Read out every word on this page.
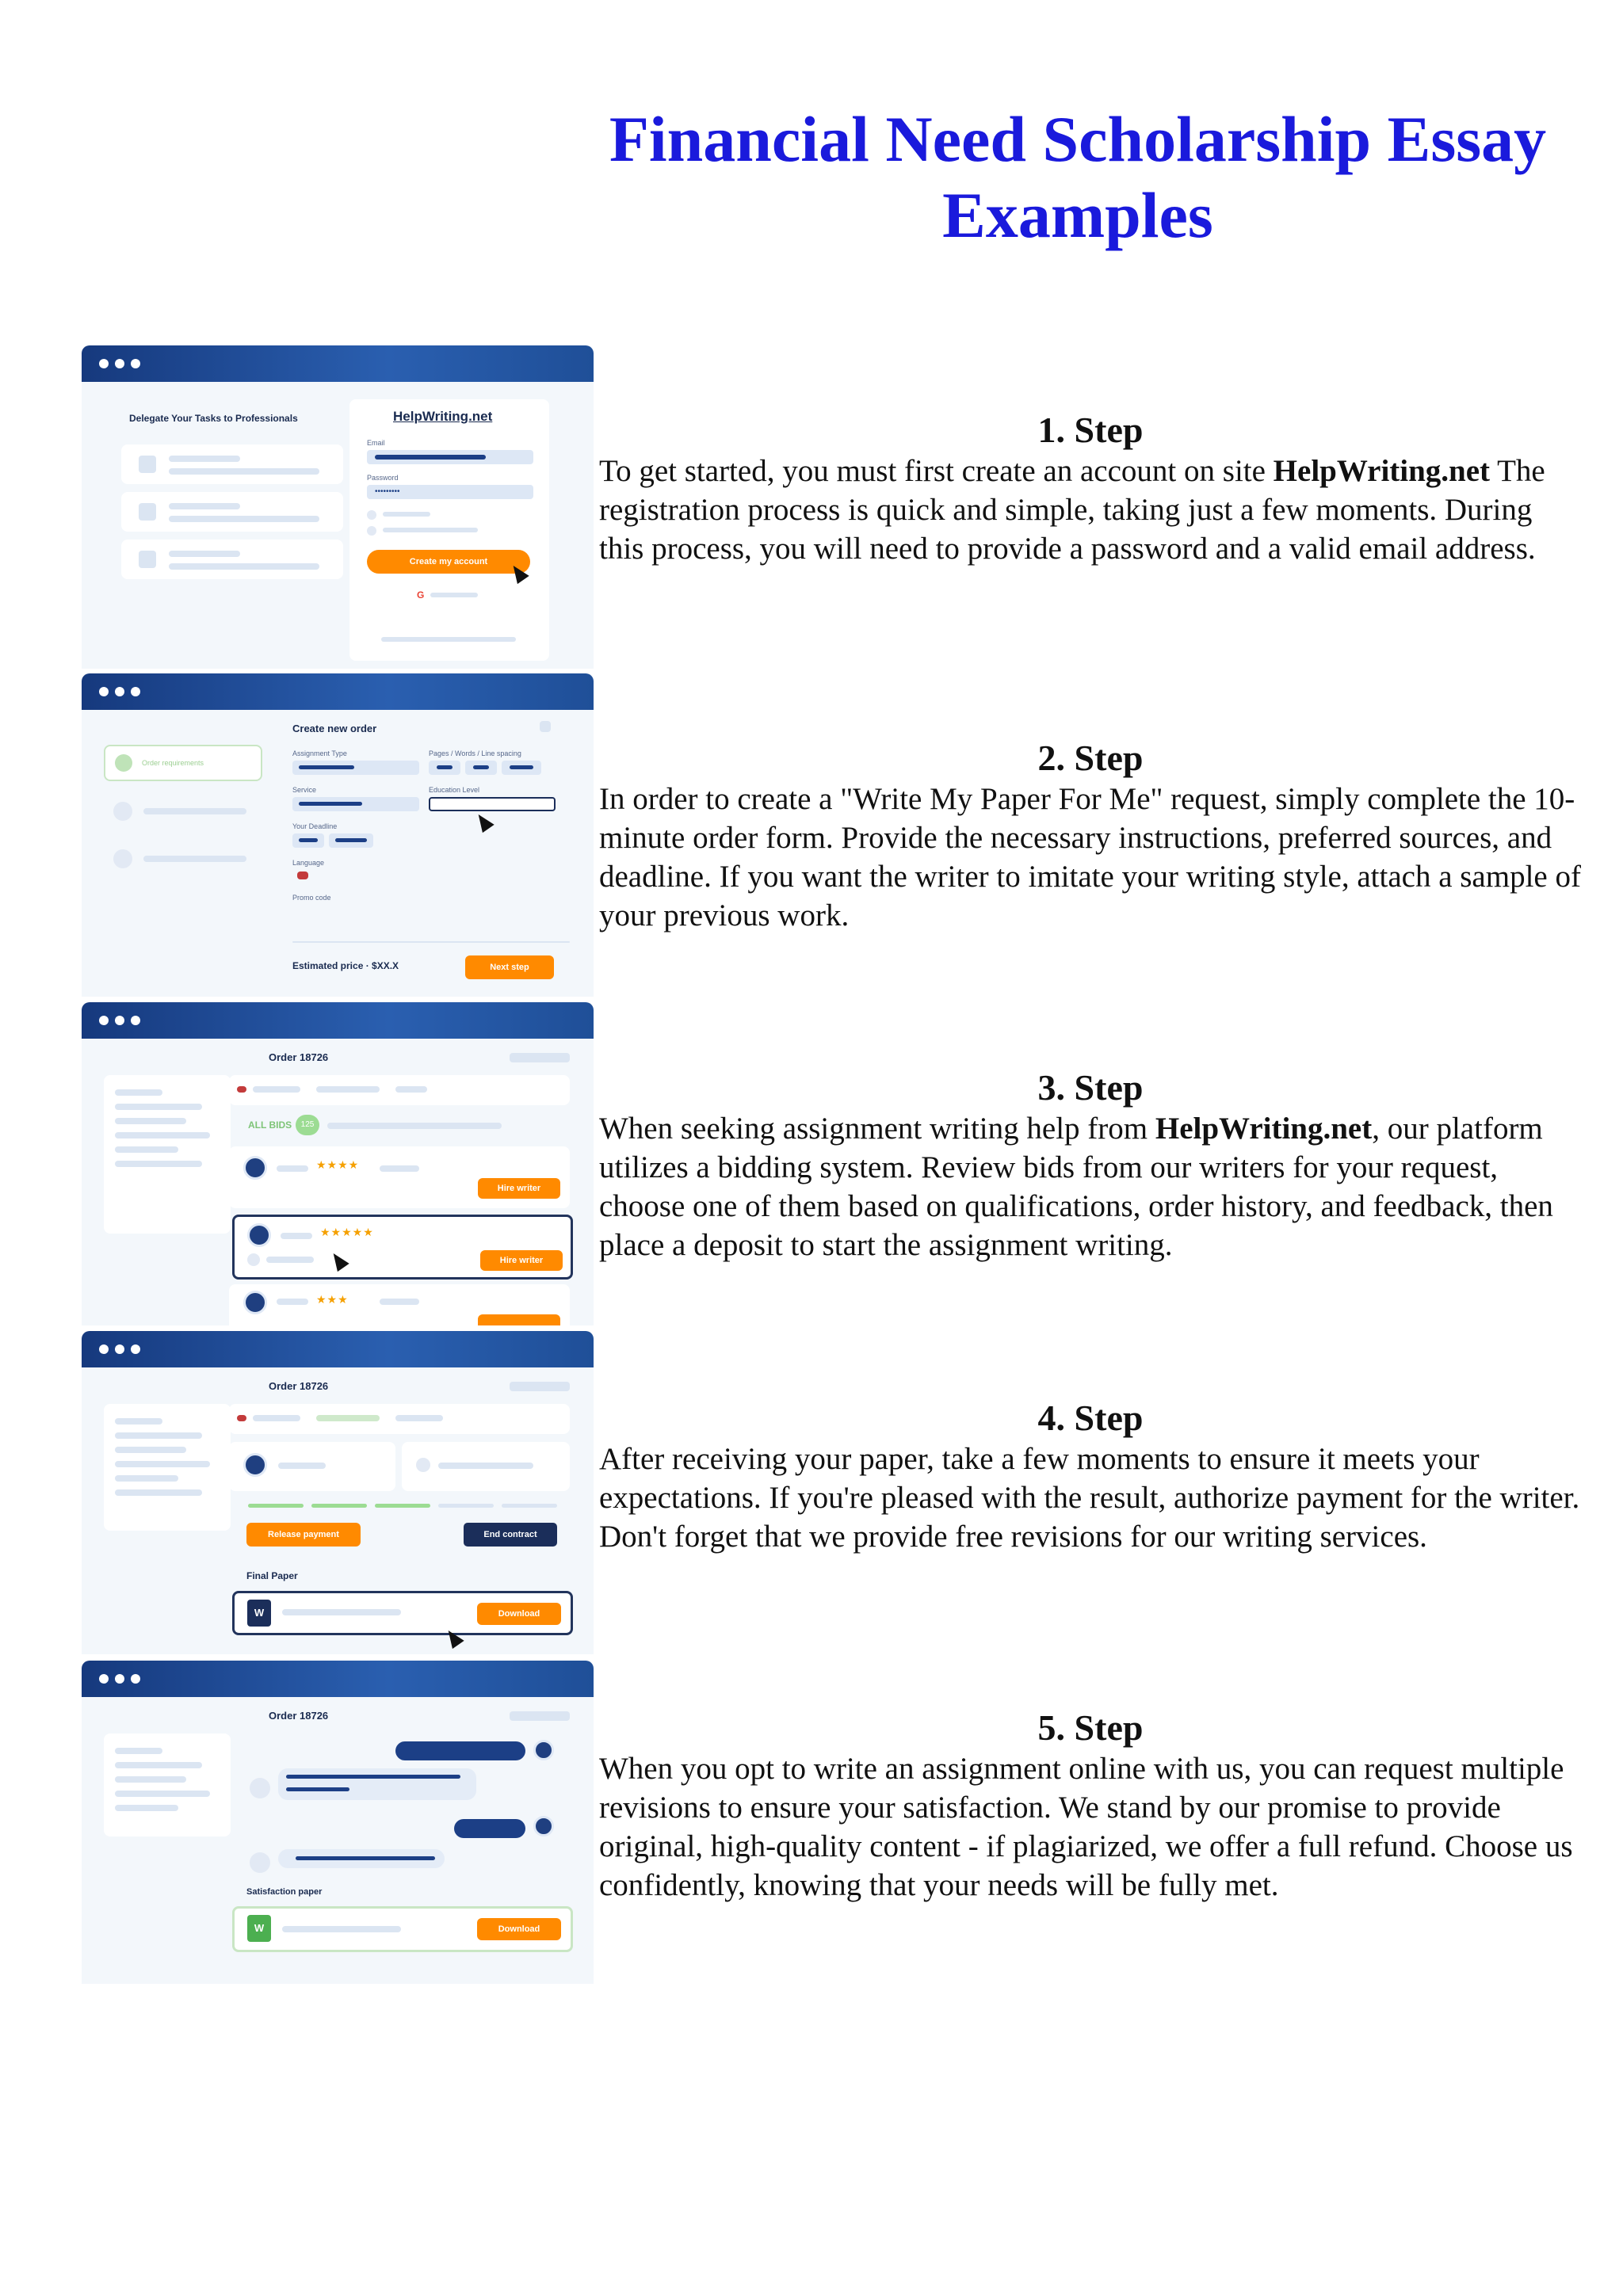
Financial Need Scholarship Essay Examples
Delegate Your Tasks to Professionals	HelpWriting.net
Email
Password
•••••••••
Create my account
G
Order requirements
Create new order
Assignment Type	Pages / Words / Line spacing
Service	Education Level
Your Deadline
Language
Promo code
Estimated price · $XX.X	Next step
Order 18726
ALL BIDS	125
★★★★
Hire writer
★★★★★
Hire writer
★★★
Order 18726
Release payment	End contract
Final Paper
W	Download
Order 18726
Satisfaction paper
W	Download
1. Step
To get started, you must first create an account on site HelpWriting.net The registration process is quick and simple, taking just a few moments. During this process, you will need to provide a password and a valid email address.
2. Step
In order to create a "Write My Paper For Me" request, simply complete the 10-minute order form. Provide the necessary instructions, preferred sources, and deadline. If you want the writer to imitate your writing style, attach a sample of your previous work.
3. Step
When seeking assignment writing help from HelpWriting.net, our platform utilizes a bidding system. Review bids from our writers for your request, choose one of them based on qualifications, order history, and feedback, then place a deposit to start the assignment writing.
4. Step
After receiving your paper, take a few moments to ensure it meets your expectations. If you're pleased with the result, authorize payment for the writer. Don't forget that we provide free revisions for our writing services.
5. Step
When you opt to write an assignment online with us, you can request multiple revisions to ensure your satisfaction. We stand by our promise to provide original, high-quality content - if plagiarized, we offer a full refund. Choose us confidently, knowing that your needs will be fully met.
